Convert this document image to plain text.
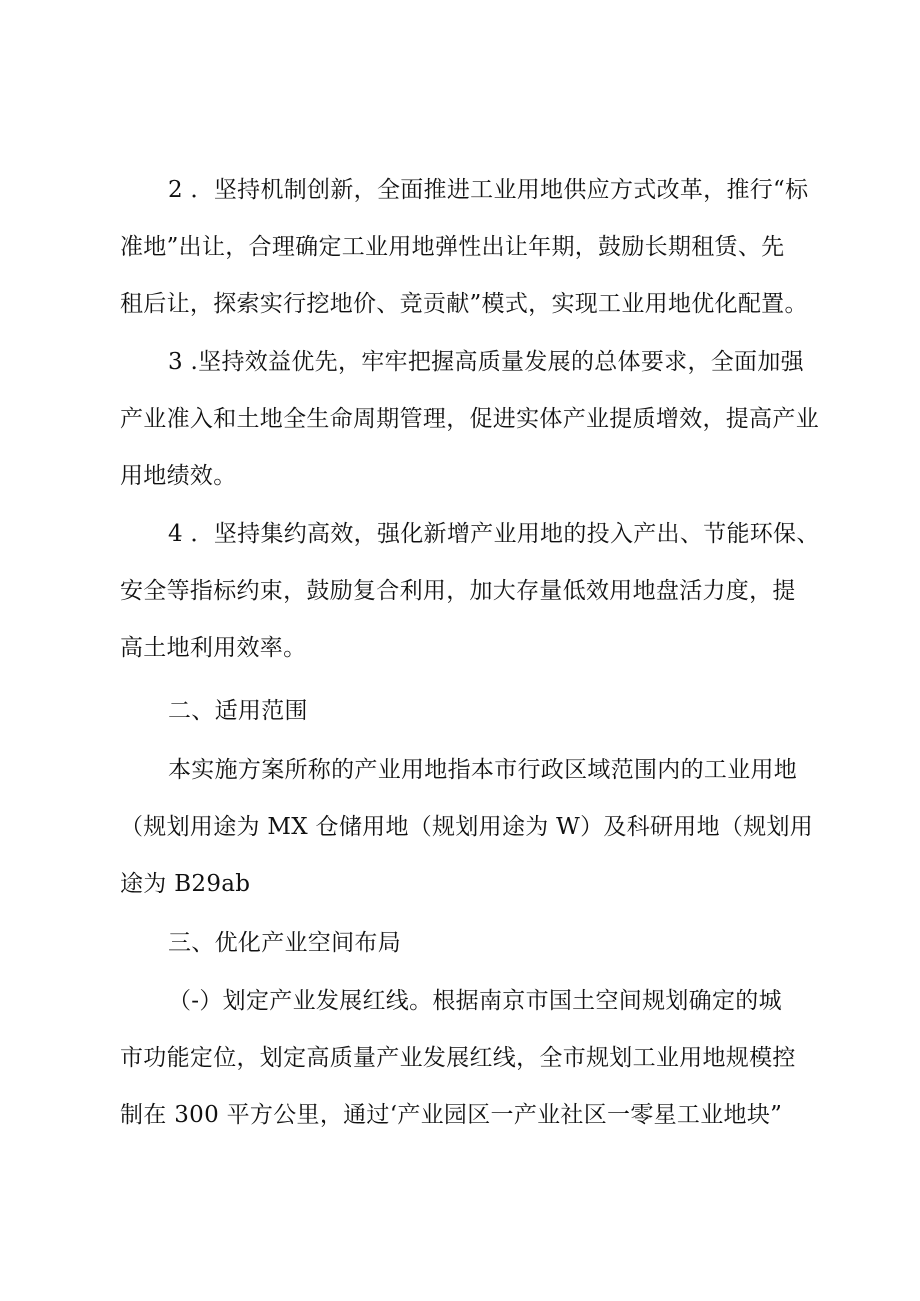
2 ．坚持机制创新，全面推进工业用地供应方式改革，推行“标
准地”出让，合理确定工业用地弹性出让年期，鼓励长期租赁、先
租后让，探索实行挖地价、竞贡献”模式，实现工业用地优化配置。
3 .坚持效益优先，牢牢把握高质量发展的总体要求，全面加强
产业准入和土地全生命周期管理，促进实体产业提质增效，提高产业
用地绩效。
4 ．坚持集约高效，强化新增产业用地的投入产出、节能环保、
安全等指标约束，鼓励复合利用，加大存量低效用地盘活力度，提
高土地利用效率。
二、适用范围
本实施方案所称的产业用地指本市行政区域范围内的工业用地
（规划用途为 MX 仓储用地（规划用途为 W）及科研用地（规划用
途为 B29ab
三、优化产业空间布局
（-）划定产业发展红线。根据南京市国土空间规划确定的城
市功能定位，划定高质量产业发展红线，全市规划工业用地规模控
制在 300 平方公里，通过‘产业园区一产业社区一零星工业地块”
